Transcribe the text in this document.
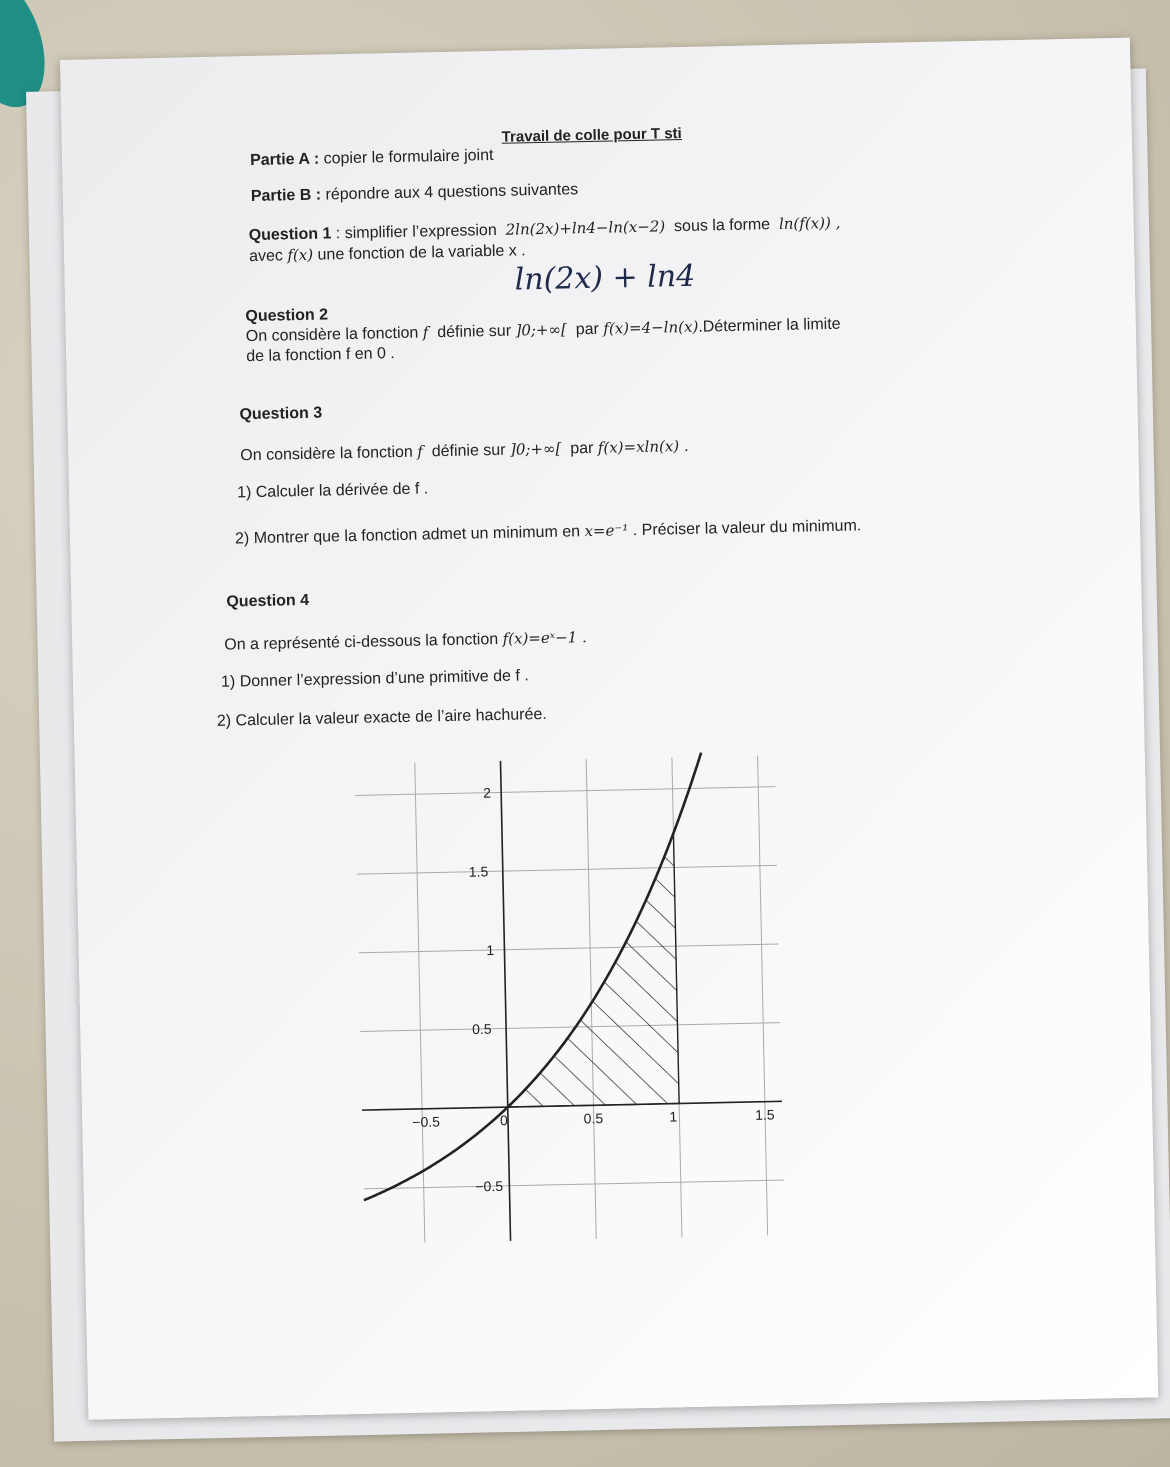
Travail de colle pour T sti
Partie A : copier le formulaire joint
Partie B : répondre aux 4 questions suivantes
Question 1 : simplifier l’expression 2ln(2x)+ln4−ln(x−2) sous la forme ln(f(x)) ,
avec f(x) une fonction de la variable x .
ln(2x) + ln4
Question 2
On considère la fonction f définie sur ]0;+∞[ par f(x)=4−ln(x).Déterminer la limite
de la fonction f en 0 .
Question 3
On considère la fonction f définie sur ]0;+∞[ par f(x)=xln(x) .
1) Calculer la dérivée de f .
2) Montrer que la fonction admet un minimum en x=e⁻¹ . Préciser la valeur du minimum.
Question 4
On a représenté ci-dessous la fonction f(x)=eˣ−1 .
1) Donner l’expression d’une primitive de f .
2) Calculer la valeur exacte de l’aire hachurée.
−0.5	0	0.5	1	1.5
2
1.5
1
0.5
−0.5
